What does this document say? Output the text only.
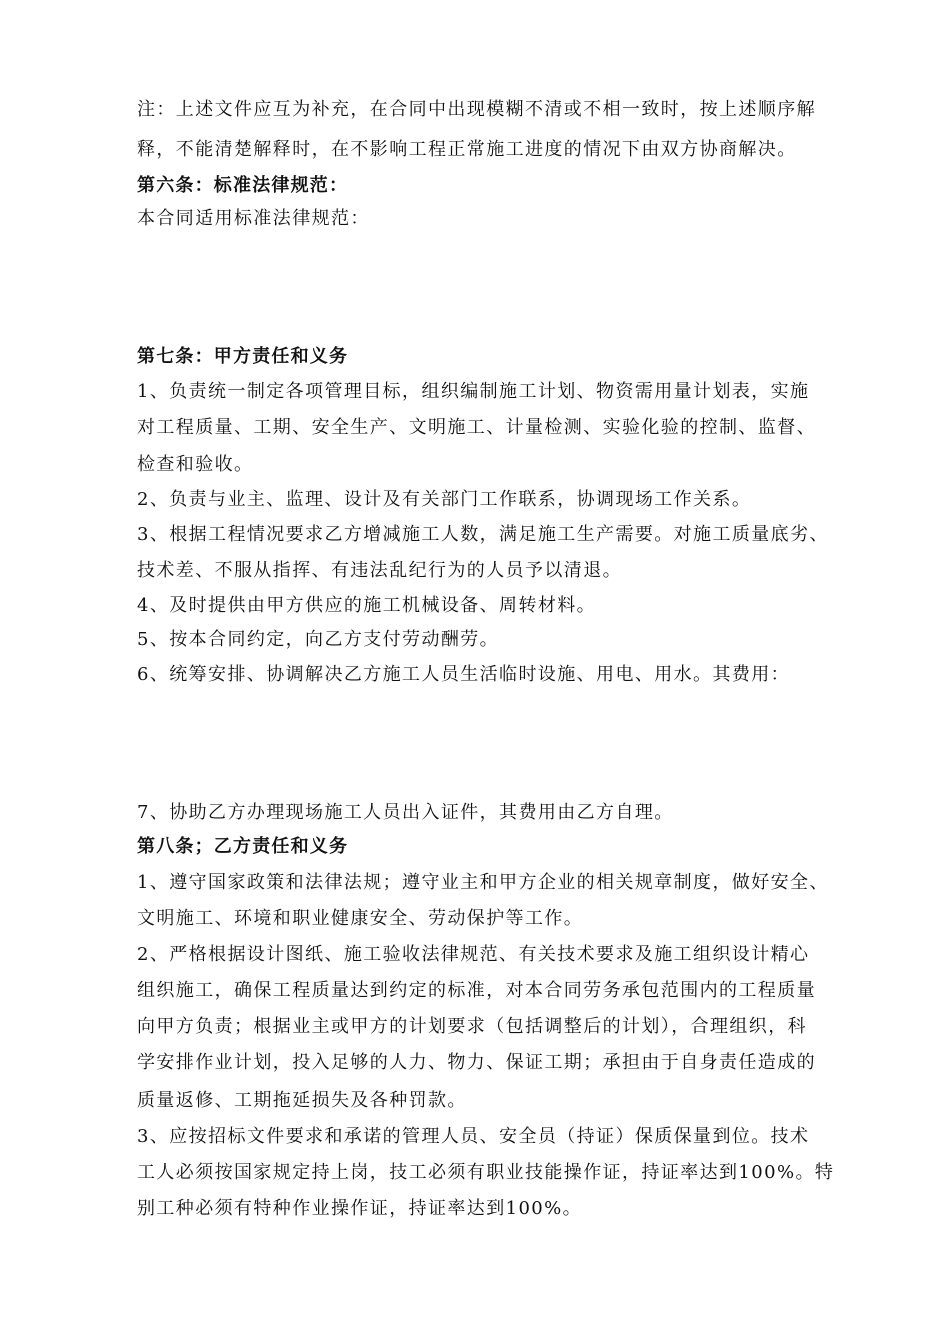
注：上述文件应互为补充，在合同中出现模糊不清或不相一致时，按上述顺序解
释，不能清楚解释时，在不影响工程正常施工进度的情况下由双方协商解决。
第六条：标准法律规范：
本合同适用标准法律规范：
第七条：甲方责任和义务
1、负责统一制定各项管理目标，组织编制施工计划、物资需用量计划表，实施
对工程质量、工期、安全生产、文明施工、计量检测、实验化验的控制、监督、
检查和验收。
2、负责与业主、监理、设计及有关部门工作联系，协调现场工作关系。
3、根据工程情况要求乙方增减施工人数，满足施工生产需要。对施工质量底劣、
技术差、不服从指挥、有违法乱纪行为的人员予以清退。
4、及时提供由甲方供应的施工机械设备、周转材料。
5、按本合同约定，向乙方支付劳动酬劳。
6、统筹安排、协调解决乙方施工人员生活临时设施、用电、用水。其费用：
7、协助乙方办理现场施工人员出入证件，其费用由乙方自理。
第八条；乙方责任和义务
1、遵守国家政策和法律法规；遵守业主和甲方企业的相关规章制度，做好安全、
文明施工、环境和职业健康安全、劳动保护等工作。
2、严格根据设计图纸、施工验收法律规范、有关技术要求及施工组织设计精心
组织施工，确保工程质量达到约定的标准，对本合同劳务承包范围内的工程质量
向甲方负责；根据业主或甲方的计划要求（包括调整后的计划），合理组织，科
学安排作业计划，投入足够的人力、物力、保证工期；承担由于自身责任造成的
质量返修、工期拖延损失及各种罚款。
3、应按招标文件要求和承诺的管理人员、安全员（持证）保质保量到位。技术
工人必须按国家规定持上岗，技工必须有职业技能操作证，持证率达到100%。特
别工种必须有特种作业操作证，持证率达到100%。
